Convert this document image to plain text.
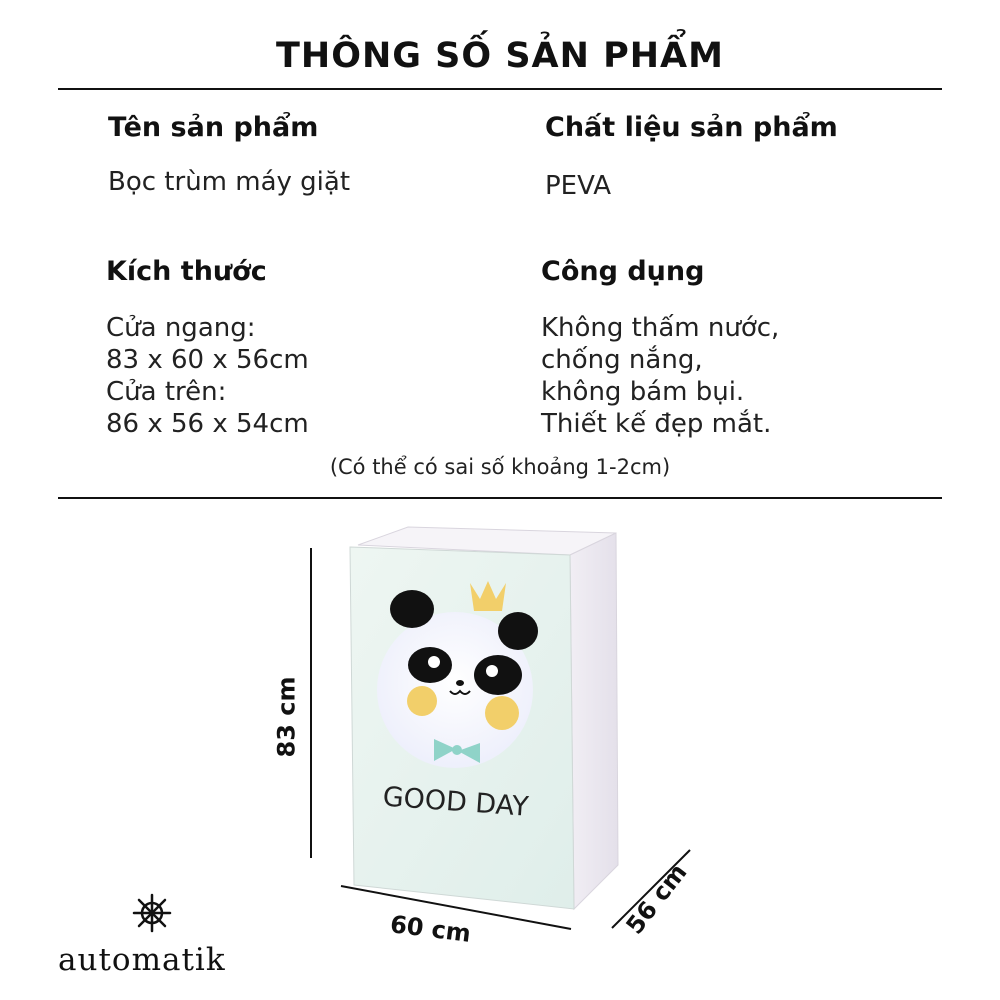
THÔNG SỐ SẢN PHẨM
Tên sản phẩm
Bọc trùm máy giặt
Chất liệu sản phẩm
PEVA
Kích thước
Cửa ngang:
83 x 60 x 56cm
Cửa trên:
86 x 56 x 54cm
Công dụng
Không thấm nước,
chống nắng,
không bám bụi.
Thiết kế đẹp mắt.
(Có thể có sai số khoảng 1-2cm)
GOOD DAY
83 cm
60 cm	56 cm
automatik
